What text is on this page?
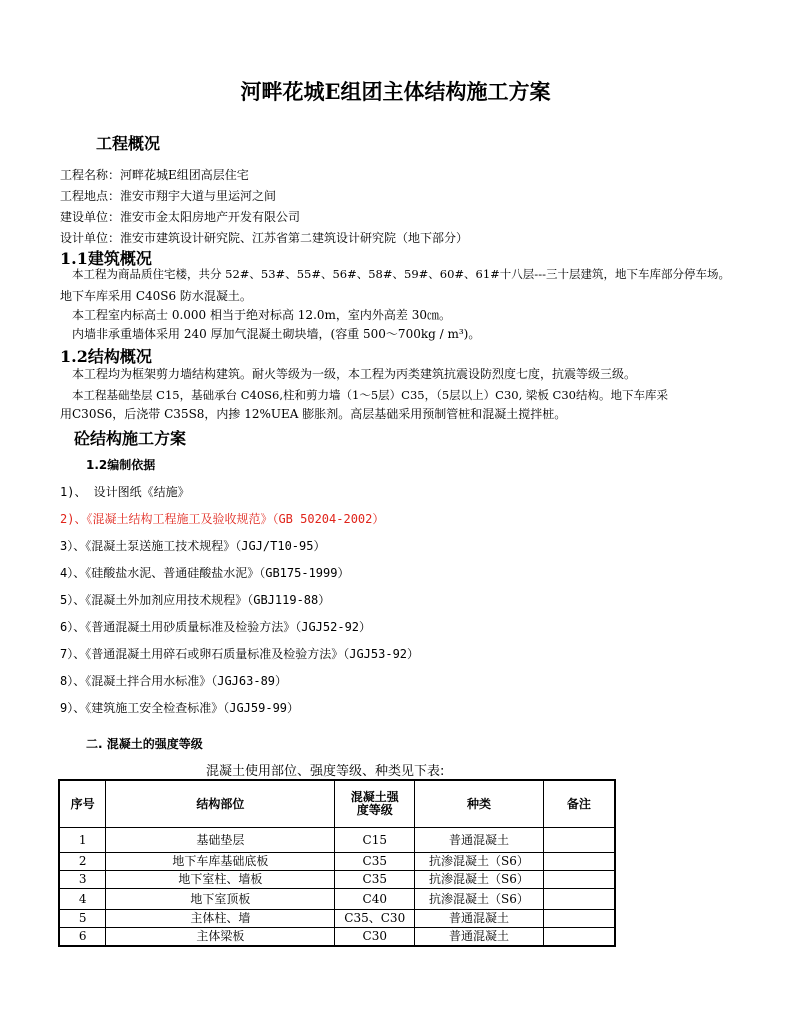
河畔花城E组团主体结构施工方案
工程概况
工程名称：河畔花城E组团高层住宅
工程地点：淮安市翔宇大道与里运河之间
建设单位：淮安市金太阳房地产开发有限公司
设计单位：淮安市建筑设计研究院、江苏省第二建筑设计研究院（地下部分）
1.1建筑概况
本工程为商品质住宅楼，共分 52#、53#、55#、56#、58#、59#、60#、61#十八层---三十层建筑，地下车库部分停车场。
地下车库采用 C40S6 防水混凝土。
本工程室内标高士 0.000 相当于绝对标高 12.0m，室内外高差 30㎝。
内墙非承重墙体采用 240 厚加气混凝土砌块墙，(容重 500～700kg / m³)。
1.2结构概况
本工程均为框架剪力墙结构建筑。耐火等级为一级，本工程为丙类建筑抗震设防烈度七度，抗震等级三级。
本工程基础垫层 C15，基础承台 C40S6,柱和剪力墙（1～5层）C35，（5层以上）C30, 梁板 C30结构。地下车库采
用C30S6，后浇带 C35S8，内掺 12%UEA 膨胀剂。高层基础采用预制管桩和混凝土搅拌桩。
砼结构施工方案
1.2编制依据
1)、 设计图纸《结施》
2)、《混凝土结构工程施工及验收规范》（GB 50204-2002）
3）、《混凝土泵送施工技术规程》（JGJ/T10-95）
4）、《硅酸盐水泥、普通硅酸盐水泥》（GB175-1999）
5）、《混凝土外加剂应用技术规程》（GBJ119-88）
6）、《普通混凝土用砂质量标准及检验方法》（JGJ52-92）
7）、《普通混凝土用碎石或卵石质量标准及检验方法》（JGJ53-92）
8）、《混凝土拌合用水标准》（JGJ63-89）
9）、《建筑施工安全检查标准》（JGJ59-99）
二. 混凝土的强度等级
混凝土使用部位、强度等级、种类见下表:
序号	结构部位	混凝土强度等级	种类	备注
1	基础垫层	C15	普通混凝土	
2	地下车库基础底板	C35	抗渗混凝土（S6）	
3	地下室柱、墙板	C35	抗渗混凝土（S6）	
4	地下室顶板	C40	抗渗混凝土（S6）	
5	主体柱、墙	C35、C30	普通混凝土	
6	主体梁板	C30	普通混凝土	
